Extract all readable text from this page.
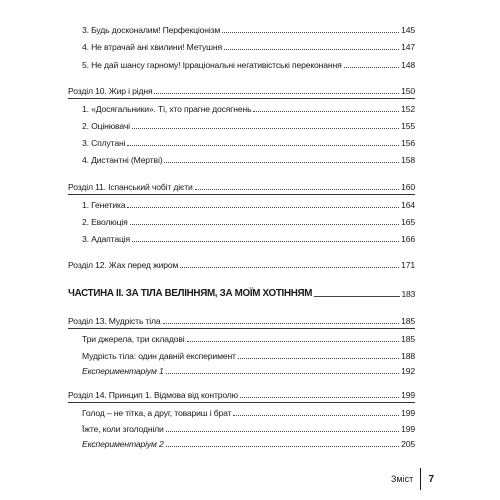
3. Будь досконалим! Перфекціонізм	145
4. Не втрачай ані хвилини! Метушня	147
5. Не дай шансу гарному! Ірраціональні негативістські переконання	148
Розділ 10. Жир і рідня	150
1. «Досягальники». Ті, хто прагне досягнень	152
2. Оцінювачі	155
3. Сплутані	156
4. Дистантні (Мертві)	158
Розділ 11. Іспанський чобіт дієти	160
1. Генетика	164
2. Еволюція	165
3. Адаптація	166
Розділ 12. Жах перед жиром	171
ЧАСТИНА II. ЗА ТІЛА ВЕЛІННЯМ, ЗА МОЇМ ХОТІННЯМ	183
Розділ 13. Мудрість тіла	185
Три джерела, три складові	185
Мудрість тіла: один давній експеримент	188
Експериментаріум 1	192
Розділ 14. Принцип 1. Відмова від контролю	199
Голод – не тітка, а друг, товариш і брат	199
Їжте, коли зголодніли	199
Експериментаріум 2	205
Зміст	7
